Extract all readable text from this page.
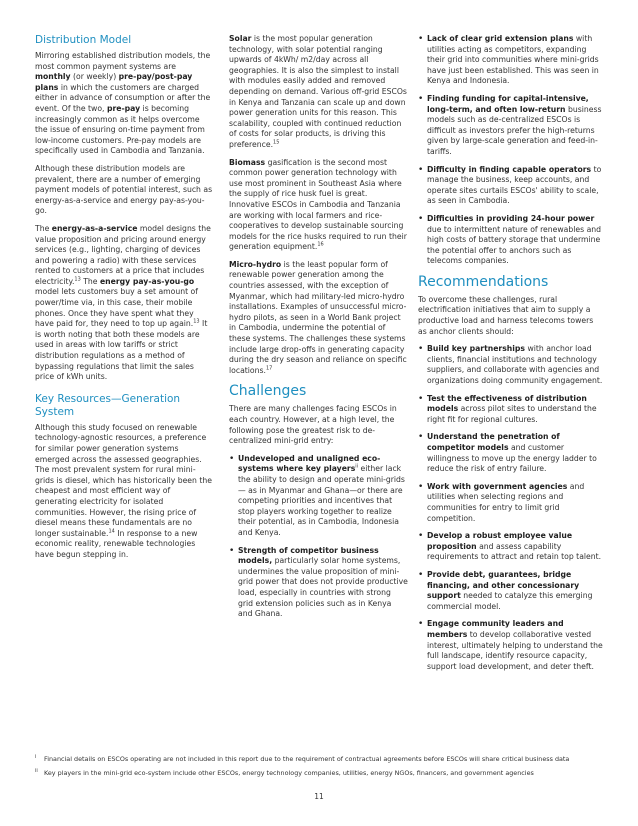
Distribution Model

Mirroring established distribution models, the most common payment systems are monthly (or weekly) pre-pay/post-pay plans in which the customers are charged either in advance of consumption or after the event. Of the two, pre-pay is becoming increasingly common as it helps overcome the issue of ensuring on-time payment from low-income customers. Pre-pay models are specifically used in Cambodia and Tanzania.

Although these distribution models are prevalent, there are a number of emerging payment models of potential interest, such as energy-as-a-service and energy pay-as-you-go.

The energy-as-a-service model designs the value proposition and pricing around energy services (e.g., lighting, charging of devices and powering a radio) with these services rented to customers at a price that includes electricity.$^{13}$ The energy pay-as-you-go model lets customers buy a set amount of power/time via, in this case, their mobile phones. Once they have spent what they have paid for, they need to top up again.$^{13}$ It is worth noting that both these models are used in areas with low tariffs or strict distribution regulations as a method of bypassing regulations that limit the sales price of kWh units.

Key Resources—Generation System

Although this study focused on renewable technology-agnostic resources, a preference for similar power generation systems emerged across the assessed geographies. The most prevalent system for rural mini-grids is diesel, which has historically been the cheapest and most efficient way of generating electricity for isolated communities. However, the rising price of diesel means these fundamentals are no longer sustainable.$^{14}$ In response to a new economic reality, renewable technologies have begun stepping in.

Solar is the most popular generation technology, with solar potential ranging upwards of 4kWh/ m2/day across all geographies. It is also the simplest to install with modules easily added and removed depending on demand. Various off-grid ESCOs in Kenya and Tanzania can scale up and down power generation units for this reason. This scalability, coupled with continued reduction of costs for solar products, is driving this preference.$^{15}$

Biomass gasification is the second most common power generation technology with use most prominent in Southeast Asia where the supply of rice husk fuel is great. Innovative ESCOs in Cambodia and Tanzania are working with local farmers and rice-cooperatives to develop sustainable sourcing models for the rice husks required to run their generation equipment.$^{16}$

Micro-hydro is the least popular form of renewable power generation among the countries assessed, with the exception of Myanmar, which had military-led micro-hydro installations. Examples of unsuccessful micro-hydro pilots, as seen in a World Bank project in Cambodia, undermine the potential of these systems. The challenges these systems include large drop-offs in generating capacity during the dry season and reliance on specific locations.$^{17}$

Challenges

There are many challenges facing ESCOs in each country. However, at a high level, the following pose the greatest risk to de-centralized mini-grid entry:

• Undeveloped and unaligned eco-systems where key players$^{ii}$ either lack the ability to design and operate mini-grids— as in Myanmar and Ghana—or there are competing priorities and incentives that stop players working together to realize their potential, as in Cambodia, Indonesia and Kenya.
• Strength of competitor business models, particularly solar home systems, undermines the value proposition of mini-grid power that does not provide productive load, especially in countries with strong grid extension policies such as in Kenya and Ghana.
• Lack of clear grid extension plans with utilities acting as competitors, expanding their grid into communities where mini-grids have just been established. This was seen in Kenya and Indonesia.
• Finding funding for capital-intensive, long-term, and often low-return business models such as de-centralized ESCOs is difficult as investors prefer the high-returns given by large-scale generation and feed-in-tariffs.
• Difficulty in finding capable operators to manage the business, keep accounts, and operate sites curtails ESCOs' ability to scale, as seen in Cambodia.
• Difficulties in providing 24-hour power due to intermittent nature of renewables and high costs of battery storage that undermine the potential offer to anchors such as telecoms companies.
Recommendations

To overcome these challenges, rural electrification initiatives that aim to supply a productive load and harness telecoms towers as anchor clients should:

• Build key partnerships with anchor load clients, financial institutions and technology suppliers, and collaborate with agencies and organizations doing community engagement.
• Test the effectiveness of distribution models across pilot sites to understand the right fit for regional cultures.
• Understand the penetration of competitor models and customer willingness to move up the energy ladder to reduce the risk of entry failure.
• Work with government agencies and utilities when selecting regions and communities for entry to limit grid competition.
• Develop a robust employee value proposition and assess capability requirements to attract and retain top talent.
• Provide debt, guarantees, bridge financing, and other concessionary support needed to catalyze this emerging commercial model.
• Engage community leaders and members to develop collaborative vested interest, ultimately helping to understand the full landscape, identify resource capacity, support load development, and deter theft.
i Financial details on ESCOs operating are not included in this report due to the requirement of contractual agreements before ESCOs will share critical business data
ii Key players in the mini-grid eco-system include other ESCOs, energy technology companies, utilities, energy NGOs, financers, and government agencies
11
